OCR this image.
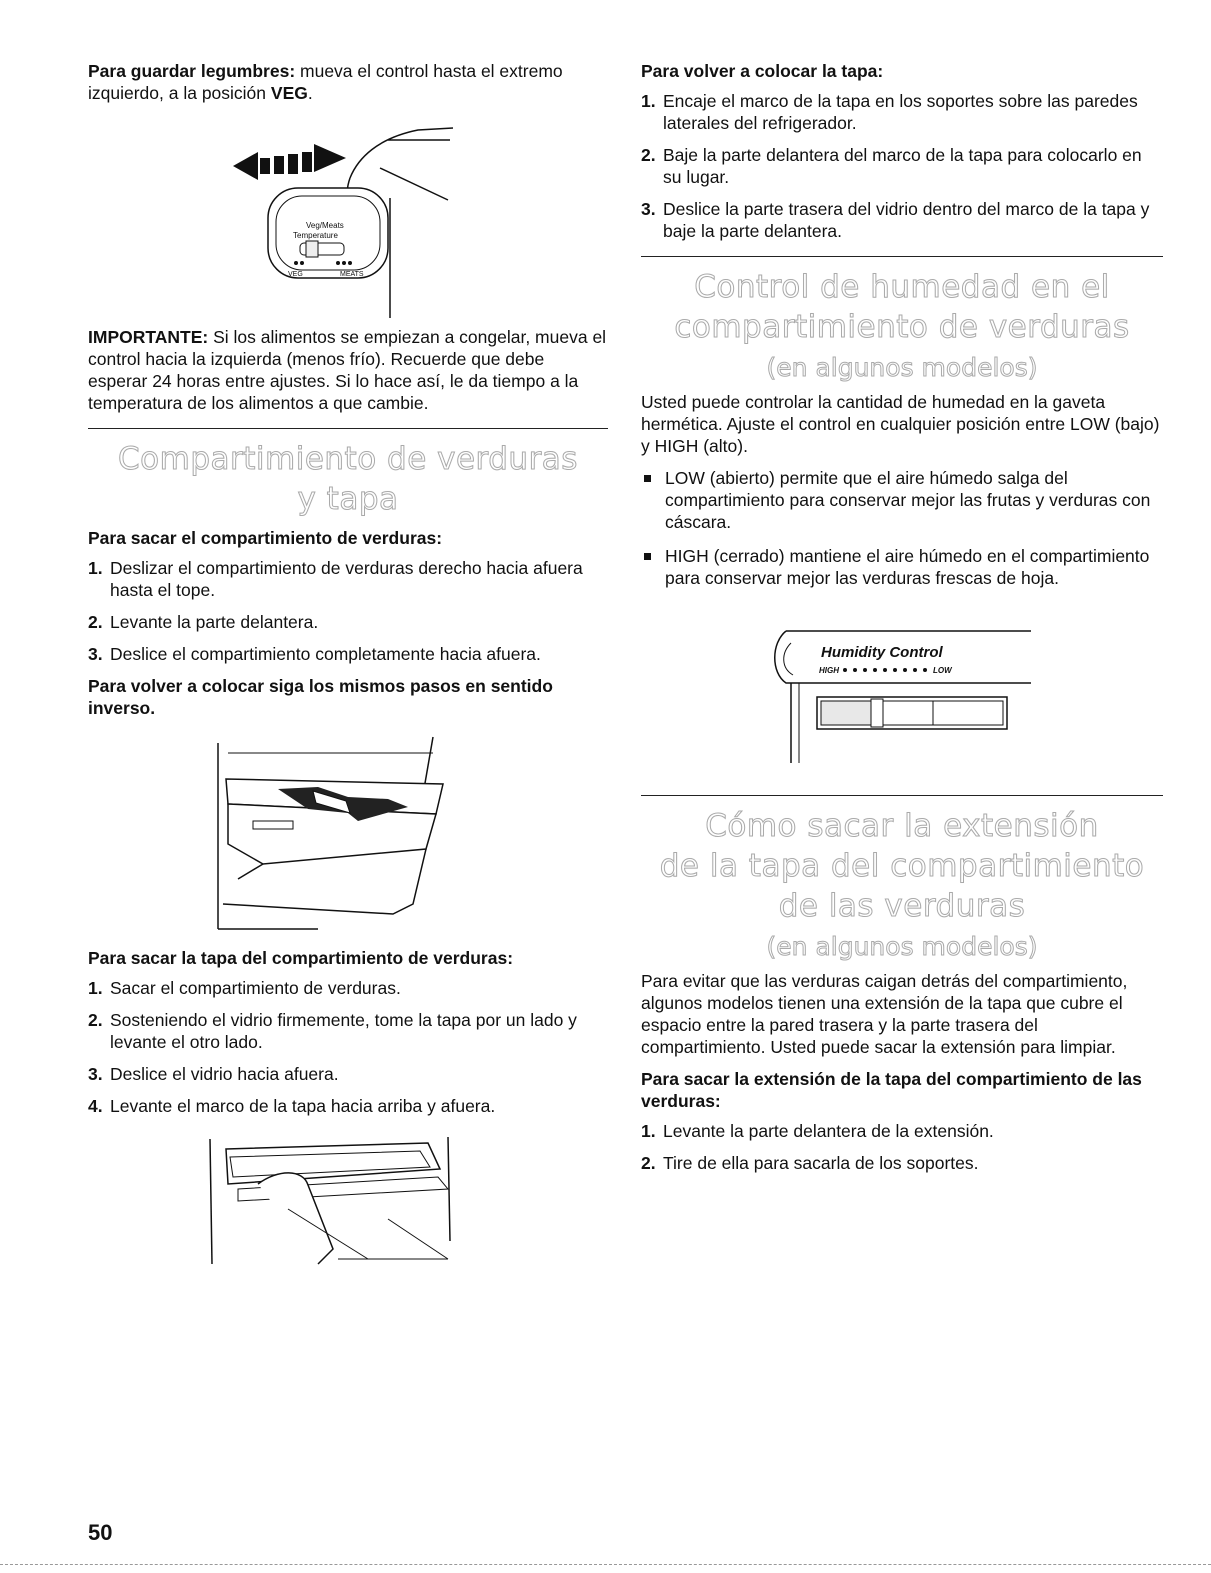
Para guardar legumbres: mueva el control hasta el extremo izquierdo, a la posición VEG.

Veg/Meats
Temperature
VEG	MEATS

IMPORTANTE: Si los alimentos se empiezan a congelar, mueva el control hacia la izquierda (menos frío). Recuerde que debe esperar 24 horas entre ajustes. Si lo hace así, le da tiempo a la temperatura de los alimentos a que cambie.

Compartimiento de verduras
y tapa
Para sacar el compartimiento de verduras:
1. Deslizar el compartimiento de verduras derecho hacia afuera hasta el tope.
2. Levante la parte delantera.
3. Deslice el compartimiento completamente hacia afuera.
Para volver a colocar siga los mismos pasos en sentido inverso.
Para sacar la tapa del compartimiento de verduras:
1. Sacar el compartimiento de verduras.
2. Sosteniendo el vidrio firmemente, tome la tapa por un lado y levante el otro lado.
3. Deslice el vidrio hacia afuera.
4. Levante el marco de la tapa hacia arriba y afuera.
Para volver a colocar la tapa:
1. Encaje el marco de la tapa en los soportes sobre las paredes laterales del refrigerador.
2. Baje la parte delantera del marco de la tapa para colocarlo en su lugar.
3. Deslice la parte trasera del vidrio dentro del marco de la tapa y baje la parte delantera.
Control de humedad en el
compartimiento de verduras
(en algunos modelos)

Usted puede controlar la cantidad de humedad en la gaveta hermética. Ajuste el control en cualquier posición entre LOW (bajo) y HIGH (alto).

LOW (abierto) permite que el aire húmedo salga del compartimiento para conservar mejor las frutas y verduras con cáscara.
HIGH (cerrado) mantiene el aire húmedo en el compartimiento para conservar mejor las verduras frescas de hoja.
Humidity Control
HIGH	LOW
Cómo sacar la extensión
de la tapa del compartimiento
de las verduras
(en algunos modelos)

Para evitar que las verduras caigan detrás del compartimiento, algunos modelos tienen una extensión de la tapa que cubre el espacio entre la pared trasera y la parte trasera del compartimiento. Usted puede sacar la extensión para limpiar.

Para sacar la extensión de la tapa del compartimiento de las verduras:
1. Levante la parte delantera de la extensión.
2. Tire de ella para sacarla de los soportes.
50
